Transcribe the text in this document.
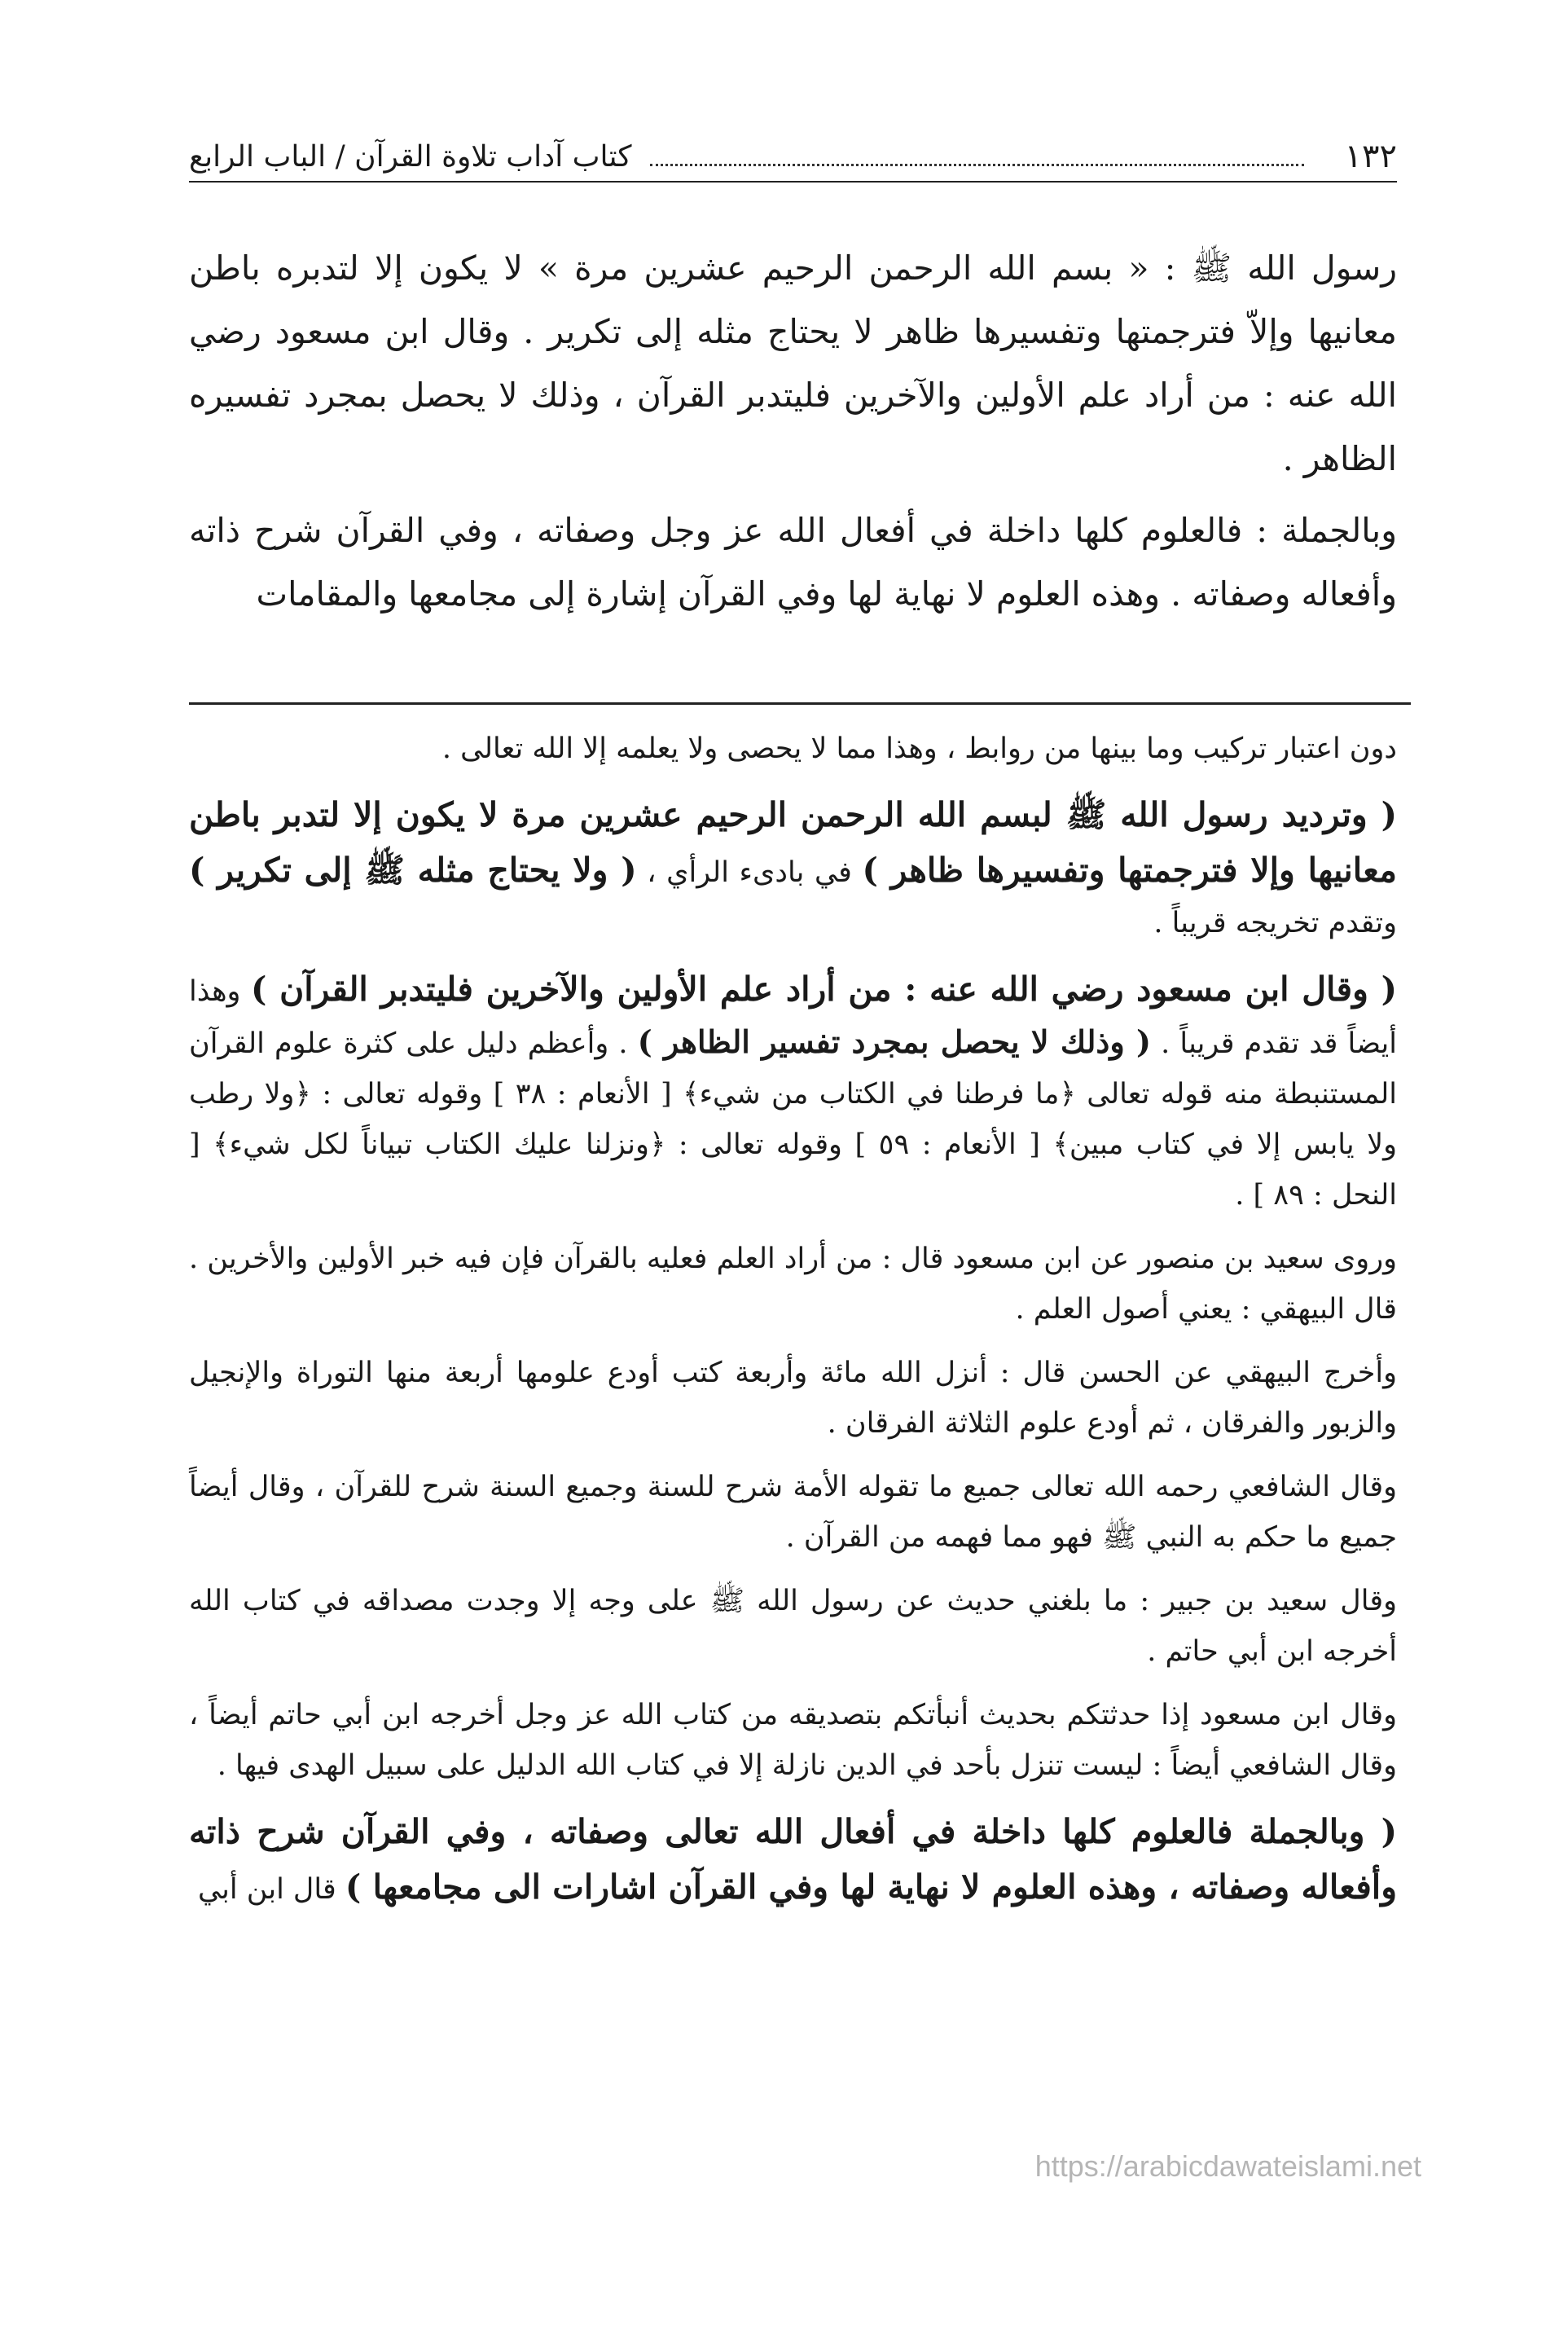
١٣٢
كتاب آداب تلاوة القرآن / الباب الرابع

رسول الله ﷺ : « بسم الله الرحمن الرحيم عشرين مرة » لا يكون إلا لتدبره باطن معانيها وإلاّ فترجمتها وتفسيرها ظاهر لا يحتاج مثله إلى تكرير . وقال ابن مسعود رضي الله عنه : من أراد علم الأولين والآخرين فليتدبر القرآن ، وذلك لا يحصل بمجرد تفسيره الظاهر .

وبالجملة : فالعلوم كلها داخلة في أفعال الله عز وجل وصفاته ، وفي القرآن شرح ذاته وأفعاله وصفاته . وهذه العلوم لا نهاية لها وفي القرآن إشارة إلى مجامعها والمقامات

دون اعتبار تركيب وما بينها من روابط ، وهذا مما لا يحصى ولا يعلمه إلا الله تعالى .

( وترديد رسول الله ﷺ لبسم الله الرحمن الرحيم عشرين مرة لا يكون إلا لتدبر باطن معانيها وإلا فترجمتها وتفسيرها ظاهر ) في بادىء الرأي ، ( ولا يحتاج مثله ﷺ إلى تكرير ) وتقدم تخريجه قريباً .

( وقال ابن مسعود رضي الله عنه : من أراد علم الأولين والآخرين فليتدبر القرآن ) وهذا أيضاً قد تقدم قريباً . ( وذلك لا يحصل بمجرد تفسير الظاهر ) . وأعظم دليل على كثرة علوم القرآن المستنبطة منه قوله تعالى ﴿ما فرطنا في الكتاب من شيء﴾ [ الأنعام : ٣٨ ] وقوله تعالى : ﴿ولا رطب ولا يابس إلا في كتاب مبين﴾ [ الأنعام : ٥٩ ] وقوله تعالى : ﴿ونزلنا عليك الكتاب تبياناً لكل شيء﴾ [ النحل : ٨٩ ] .

وروى سعيد بن منصور عن ابن مسعود قال : من أراد العلم فعليه بالقرآن فإن فيه خبر الأولين والأخرين . قال البيهقي : يعني أصول العلم .

وأخرج البيهقي عن الحسن قال : أنزل الله مائة وأربعة كتب أودع علومها أربعة منها التوراة والإنجيل والزبور والفرقان ، ثم أودع علوم الثلاثة الفرقان .

وقال الشافعي رحمه الله تعالى جميع ما تقوله الأمة شرح للسنة وجميع السنة شرح للقرآن ، وقال أيضاً جميع ما حكم به النبي ﷺ فهو مما فهمه من القرآن .

وقال سعيد بن جبير : ما بلغني حديث عن رسول الله ﷺ على وجه إلا وجدت مصداقه في كتاب الله أخرجه ابن أبي حاتم .

وقال ابن مسعود إذا حدثتكم بحديث أنبأتكم بتصديقه من كتاب الله عز وجل أخرجه ابن أبي حاتم أيضاً ، وقال الشافعي أيضاً : ليست تنزل بأحد في الدين نازلة إلا في كتاب الله الدليل على سبيل الهدى فيها .

( وبالجملة فالعلوم كلها داخلة في أفعال الله تعالى وصفاته ، وفي القرآن شرح ذاته وأفعاله وصفاته ، وهذه العلوم لا نهاية لها وفي القرآن اشارات الى مجامعها ) قال ابن أبي

https://arabicdawateislami.net
